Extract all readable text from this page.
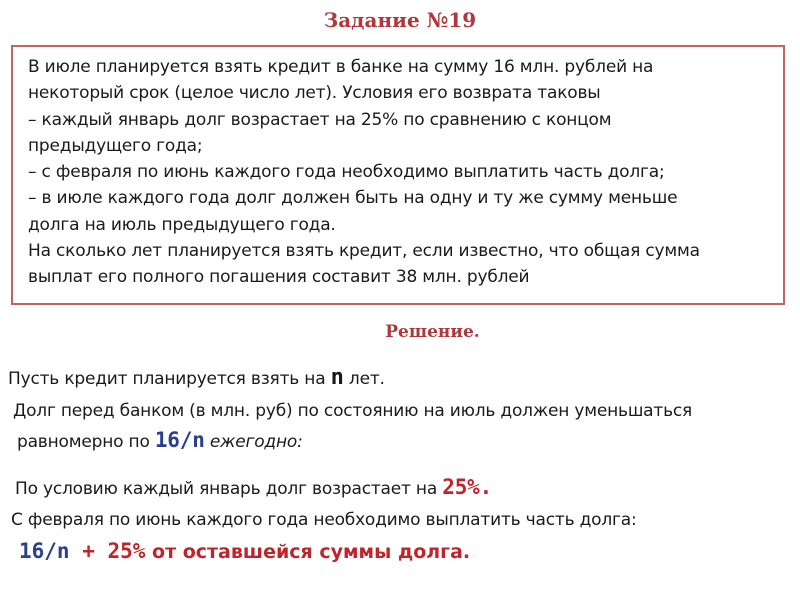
Задание №19
В июле планируется взять кредит в банке на сумму 16 млн. рублей на
некоторый срок (целое число лет). Условия его возврата таковы
– каждый январь долг возрастает на 25% по сравнению с концом
предыдущего года;
– с февраля по июнь каждого года необходимо выплатить часть долга;
– в июле каждого года долг должен быть на одну и ту же сумму меньше
долга на июль предыдущего года.
На сколько лет планируется взять кредит, если известно, что общая сумма
выплат его полного погашения составит 38 млн. рублей
Решение.
Пусть кредит планируется взять на n лет.
Долг перед банком (в млн. руб) по состоянию на июль должен уменьшаться
равномерно по 16/n ежегодно:
По условию каждый январь долг возрастает на 25%.
С февраля по июнь каждого года необходимо выплатить часть долга:
16/n + 25% от оставшейся суммы долга.
